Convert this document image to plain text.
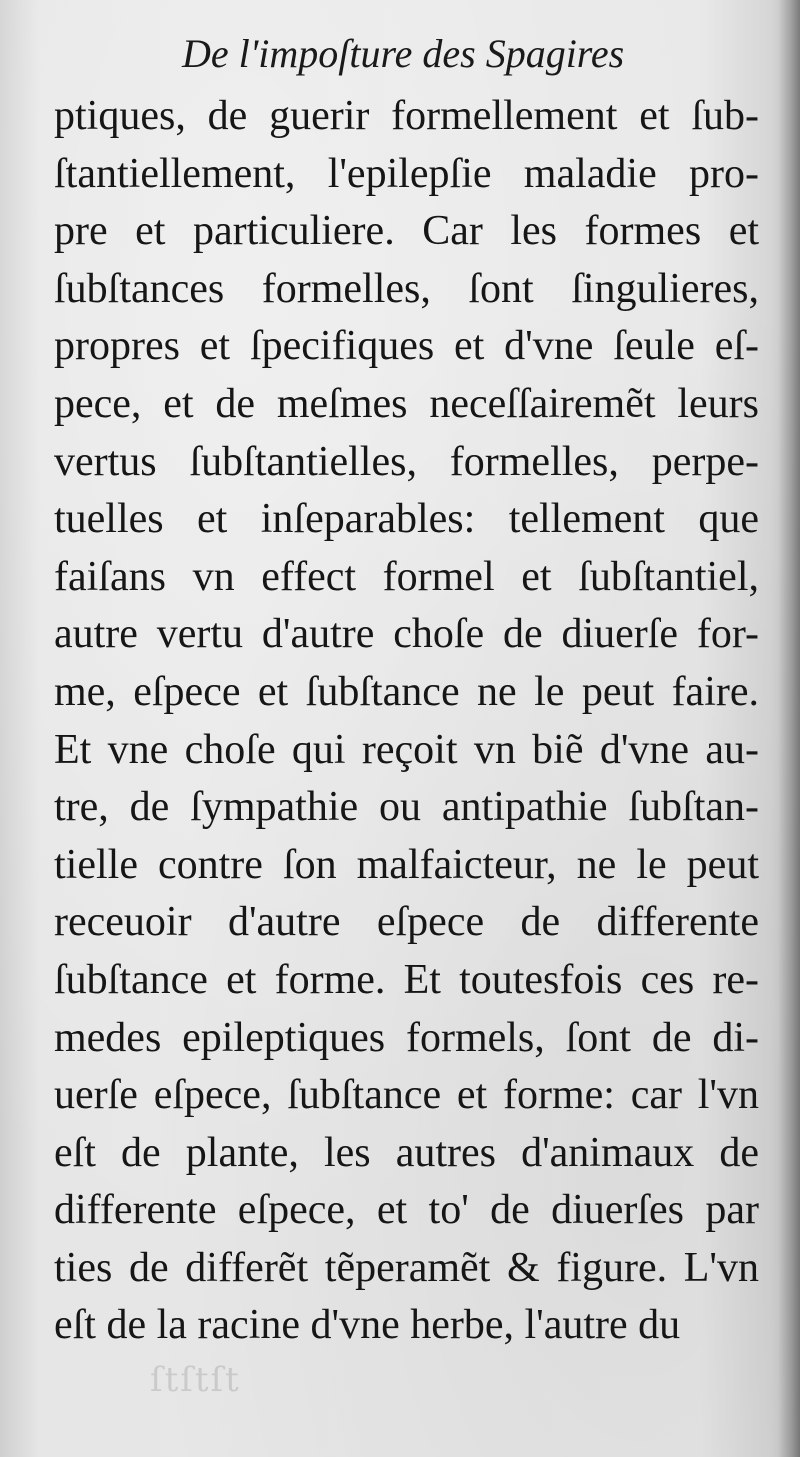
ſtſtſt
De l'impoſture des Spagires
ptiques, de guerir formellement et ſub-
ſtantiellement, l'epilepſie maladie pro-
pre et particuliere. Car les formes et
ſubſtances formelles, ſont ſingulieres,
propres et ſpecifiques et d'vne ſeule eſ-
pece, et de meſmes neceſſairemẽt leurs
vertus ſubſtantielles, formelles, perpe-
tuelles et inſeparables: tellement que
faiſans vn effect formel et ſubſtantiel,
autre vertu d'autre choſe de diuerſe for-
me, eſpece et ſubſtance ne le peut faire.
Et vne choſe qui reçoit vn biẽ d'vne au-
tre, de ſympathie ou antipathie ſubſtan-
tielle contre ſon malfaicteur, ne le peut
receuoir d'autre eſpece de differente
ſubſtance et forme. Et toutesfois ces re-
medes epileptiques formels, ſont de di-
uerſe eſpece, ſubſtance et forme: car l'vn
eſt de plante, les autres d'animaux de
differente eſpece, et to' de diuerſes par
ties de differẽt tẽperamẽt & figure. L'vn
eſt de la racine d'vne herbe, l'autre du
